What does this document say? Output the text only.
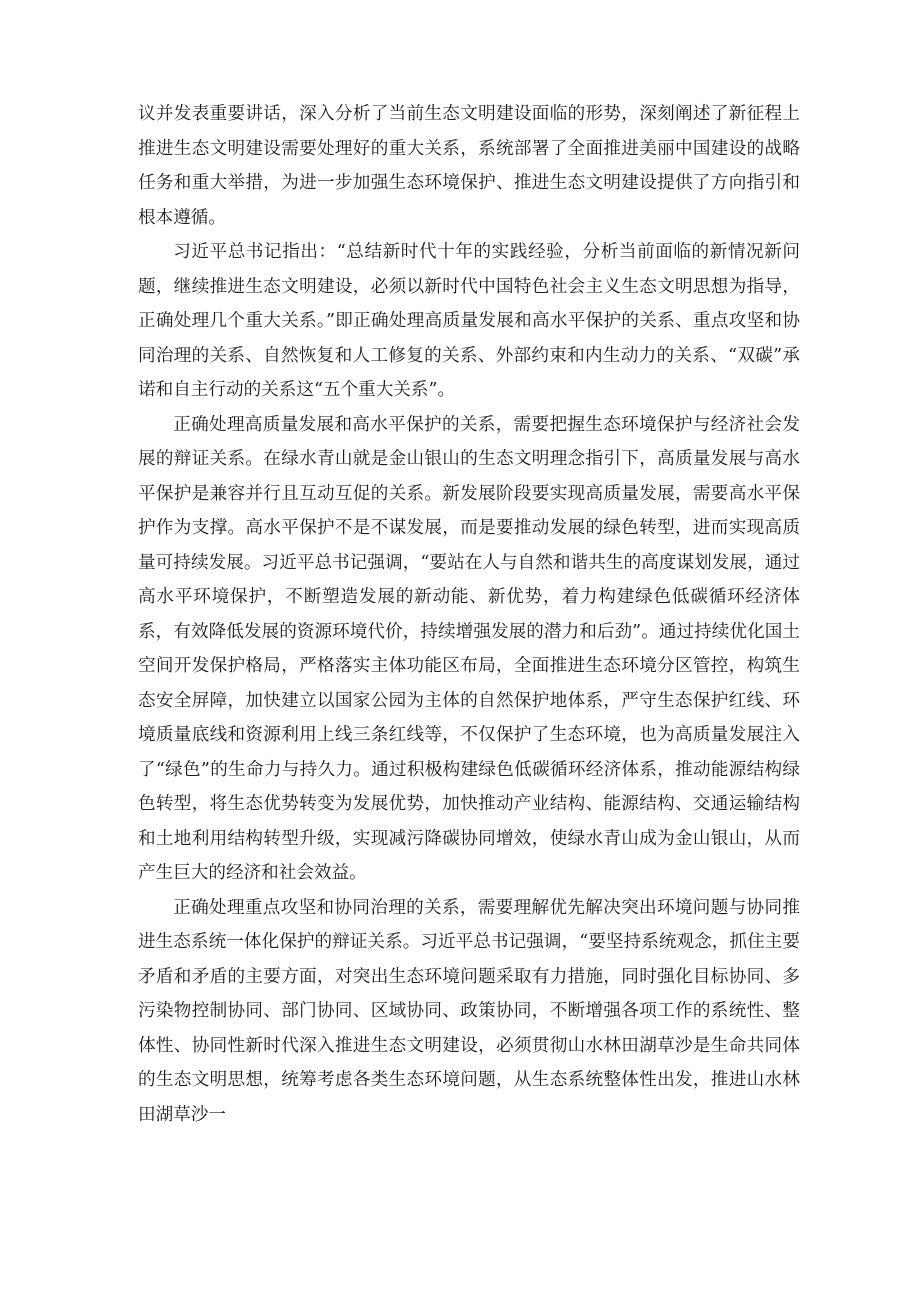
议并发表重要讲话，深入分析了当前生态文明建设面临的形势，深刻阐述了新征程上推进生态文明建设需要处理好的重大关系，系统部署了全面推进美丽中国建设的战略任务和重大举措，为进一步加强生态环境保护、推进生态文明建设提供了方向指引和根本遵循。

习近平总书记指出：“总结新时代十年的实践经验，分析当前面临的新情况新问题，继续推进生态文明建设，必须以新时代中国特色社会主义生态文明思想为指导，正确处理几个重大关系。”即正确处理高质量发展和高水平保护的关系、重点攻坚和协同治理的关系、自然恢复和人工修复的关系、外部约束和内生动力的关系、“双碳”承诺和自主行动的关系这“五个重大关系”。

正确处理高质量发展和高水平保护的关系，需要把握生态环境保护与经济社会发展的辩证关系。在绿水青山就是金山银山的生态文明理念指引下，高质量发展与高水平保护是兼容并行且互动互促的关系。新发展阶段要实现高质量发展，需要高水平保护作为支撑。高水平保护不是不谋发展，而是要推动发展的绿色转型，进而实现高质量可持续发展。习近平总书记强调，“要站在人与自然和谐共生的高度谋划发展，通过高水平环境保护，不断塑造发展的新动能、新优势，着力构建绿色低碳循环经济体系，有效降低发展的资源环境代价，持续增强发展的潜力和后劲”。通过持续优化国土空间开发保护格局，严格落实主体功能区布局，全面推进生态环境分区管控，构筑生态安全屏障，加快建立以国家公园为主体的自然保护地体系，严守生态保护红线、环境质量底线和资源利用上线三条红线等，不仅保护了生态环境，也为高质量发展注入了“绿色”的生命力与持久力。通过积极构建绿色低碳循环经济体系，推动能源结构绿色转型，将生态优势转变为发展优势，加快推动产业结构、能源结构、交通运输结构和土地利用结构转型升级，实现减污降碳协同增效，使绿水青山成为金山银山，从而产生巨大的经济和社会效益。

正确处理重点攻坚和协同治理的关系，需要理解优先解决突出环境问题与协同推进生态系统一体化保护的辩证关系。习近平总书记强调，“要坚持系统观念，抓住主要矛盾和矛盾的主要方面，对突出生态环境问题采取有力措施，同时强化目标协同、多污染物控制协同、部门协同、区域协同、政策协同，不断增强各项工作的系统性、整体性、协同性新时代深入推进生态文明建设，必须贯彻山水林田湖草沙是生命共同体的生态文明思想，统筹考虑各类生态环境问题，从生态系统整体性出发，推进山水林田湖草沙一
